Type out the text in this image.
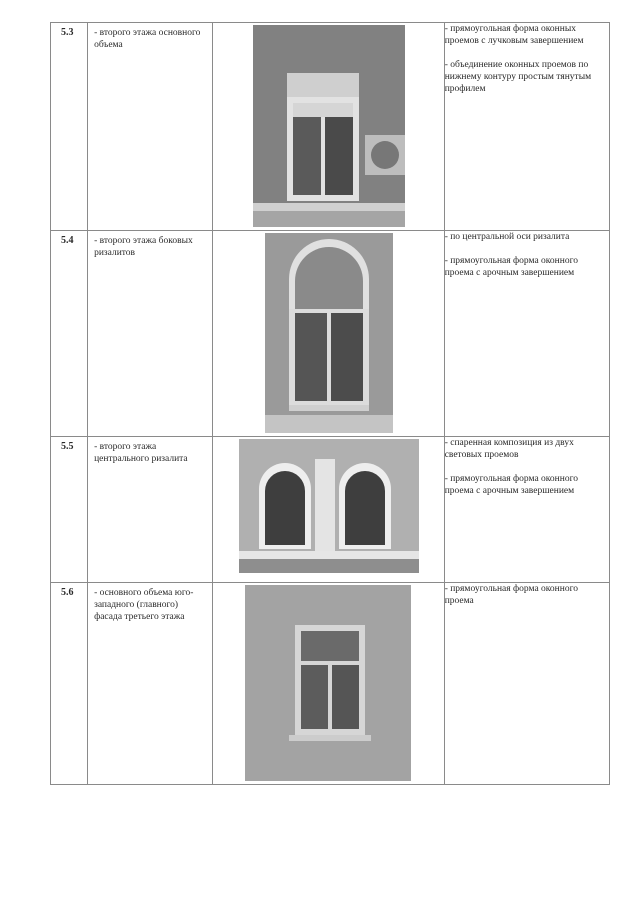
5.3	- второго этажа основного объема		- прямоугольная форма оконных проемов с лучковым завершением

- объединение оконных проемов по нижнему контуру простым тянутым профилем

5.4	- второго этажа боковых ризалитов		- по центральной оси ризалита

- прямоугольная форма оконного проема с арочным завершением

5.5	- второго этажа центрального ризалита		- спаренная композиция из двух световых проемов

- прямоугольная форма оконного проема с арочным завершением

5.6	- основного объема юго-западного (главного) фасада третьего этажа		- прямоугольная форма оконного проема
